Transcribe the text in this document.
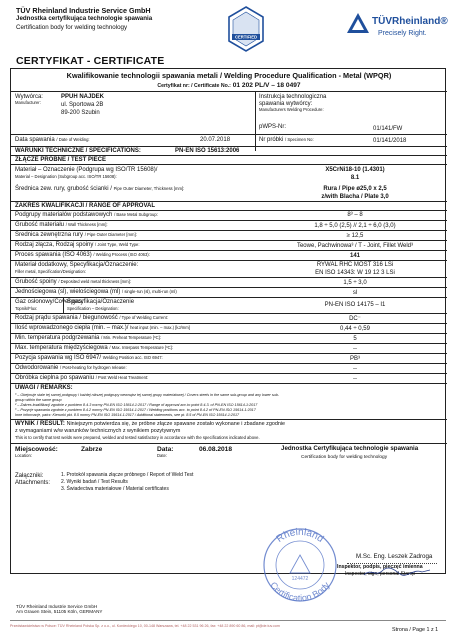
TÜV Rheinland Industrie Service GmbH
Jednostka certyfikująca technologie spawania
Certification body for welding technology
CERTIFIED
TÜVRheinland®
Precisely Right.
CERTYFIKAT - CERTIFICATE
Kwalifikowanie technologii spawania metali / Welding Procedure Qualification - Metal (WPQR)
Certyfikat nr: / Certificate No.: 01 202 PL/V – 18 0497
Wytwórca:
Manufacturer:
PPUH NAJDEK
ul. Sportowa 2B
89-200 Szubin
Instrukcja technologiczna
spawania wytwórcy:
Manufacturers Welding Procedure:
pWPS-Nr:	01/141/FW
Data spawania / Date of Welding:	20.07.2018	Nr próbki / Specimen No:	01/141/2018
WARUNKI TECHNICZNE / SPECIFICATIONS:	PN-EN ISO 15613:2006
ZŁĄCZE PRÓBNE / TEST PIECE
Materiał – Oznaczenie (Podgrupa wg ISO/TR 15608)/
Material – Designation (Subgroup acc. ISO/TR 15608):
X5CrNi18-10 (1.4301)
8.1
Średnica zew. rury, grubość ścianki / Pipe Outer Diameter, Thickness [mm]:	Rura / Pipe ø25,0 x 2,5
z/with Blacha / Plate 3,0
ZAKRES KWALIFIKACJI / RANGE OF APPROVAL
Podgrupy materiałów podstawowych / Base Metal Subgroup:	8³ – 8
Grubość materiału / Wall Thickness [mm]:	1,8 ÷ 5,0 (2,5) // 2,1 ÷ 6,0 (3,0)
Średnica zewnętrzna rury / Pipe Outer Diameter [mm]:	≥ 12,5
Rodzaj złącza, Rodzaj spoiny / Joint Type, Weld Type:	Teowe, Pachwinowa³ / T - Joint, Fillet Weld³
Proces spawania (ISO 4063) / Welding Process (ISO 4063):	141
Materiał dodatkowy, Specyfikacja/Oznaczenie:
Filler metal, Specification/Designation:
RYWAL RHC MOST 316 LSi
EN ISO 14343: W 19 12 3 LSi
Grubość spoiny / Deposited weld metal thickness [mm]:	1,5 ÷ 3,0
Jednościegowa (sl), wielościegowa (ml) / single-run (sl), multi-run (ml)	sl
Gaz osłonowy/Cover gas:
Topnik/Flux:
Specyfikacja/Oznaczenie
Specification – Designation:
PN-EN ISO 14175 – I1
Rodzaj prądu spawania / biegunowość / Type of Welding Current:	DC⁻
Ilość wprowadzonego ciepła (min. – max.)/ heat input (min. – max.) [kJ/mm]	0,44 ÷ 0,59
Min. temperatura podgrzewania / Min. Preheat Temperature [ºC]:	5
Max. temperatura międzyściegowa / Max. Interpass Temperature [ºC]:	--
Pozycja spawania wg ISO 6947/ Welding Position acc. ISO 6947:	PB³
Odwodorowanie / Post-heating for hydrogen release:	--
Obróbka cieplna po spawaniu / Post Weld Heat Treatment:	--
UWAGI / REMARKS:
³ – Obejmuje stale tej samej podgrupy i każdej niższej podgrupy wewnątrz tej samej grupy materiałowej / Covers steels in the same sub-group and any lower sub-
group within the same group
² – Zakres kwalifikacji zgodnie z punktem 8.4.3 normy PN-EN ISO 15614-1:2017 / Range of approval acc.to point 8.4.3. of PN-EN ISO 15614-1:2017
³ – Pozycje spawania zgodnie z punktem 8.4.2 normy PN-EN ISO 15614-1:2017 / Welding positions acc. to point 8.4.2 of PN-EN ISO 15614-1:2017
Inne informacje, patrz: Kierunki pkt. 8.5 normy PN-EN ISO 15614-1:2017 / Additional statements, see pt. 8.5 of PN-EN ISO 15614-1:2017
WYNIK / RESULT: Niniejszym potwierdza się, że próbne złącze spawane zostało wykonane i zbadane zgodnie
z wymaganiami w/w warunków technicznych z wynikiem pozytywnym
This is to certify that test welds were prepared, welded and tested satisfactory in accordance with the specifications indicated above.
Miejscowość:
Location:
Zabrze	Data:
Date:
06.08.2018	Jednostka Certyfikująca technologie spawania
Certification body for welding technology
Załączniki:
Attachments:
1. Protokół spawania złącze próbnego / Report of Weld Test
2. Wyniki badań / Test Results
3. Świadectwa materiałowe / Material certificates
M.Sc. Eng. Leszek Zadroga
Inspektor, podpis, pieczęć imienna
Inspector, sign, personal Stamp
Rheinland
Certification Body
124472
TÜV Rheinland Industrie Service GmbH
Am Grauen Stein, 51105 Köln, GERMANY
Przedstawicielstwo w Polsce: TÜV Rheinland Polska Sp. z o.o., ul. Kordeckiego 10, 00-148 Warszawa, tel. +48 22 531 96 26, fax: +48 22 890 60 86, mail: pt@de.tuv.com
Strona / Page 1 z 1
